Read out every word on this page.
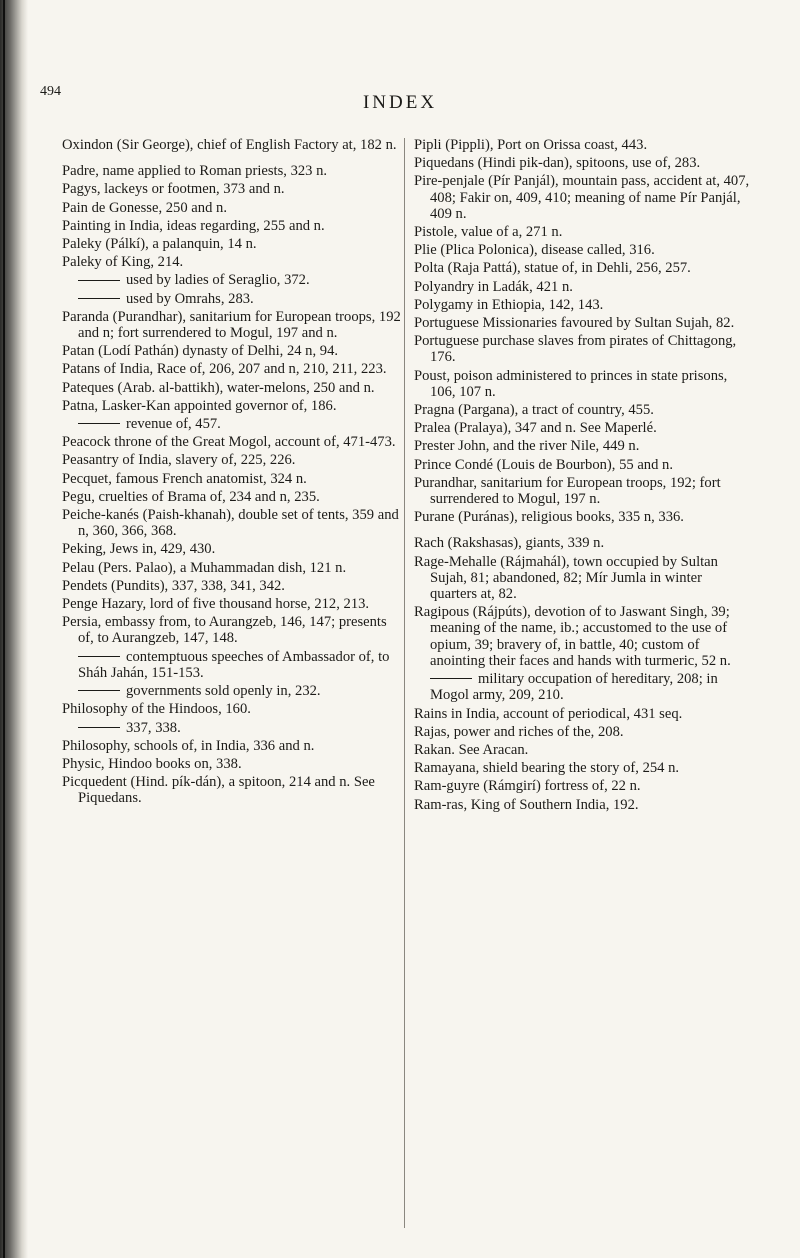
494
INDEX
Oxindon (Sir George), chief of English Factory at, 182 n.
Padre, name applied to Roman priests, 323 n.
Pagys, lackeys or footmen, 373 and n.
Pain de Gonesse, 250 and n.
Painting in India, ideas regarding, 255 and n.
Paleky (Pálkí), a palanquin, 14 n.
Paleky of King, 214.
used by ladies of Seraglio, 372.
used by Omrahs, 283.
Paranda (Purandhar), sanitarium for European troops, 192 and n; fort surrendered to Mogul, 197 and n.
Patan (Lodí Pathán) dynasty of Delhi, 24 n, 94.
Patans of India, Race of, 206, 207 and n, 210, 211, 223.
Pateques (Arab. al-battikh), water-melons, 250 and n.
Patna, Lasker-Kan appointed governor of, 186.
revenue of, 457.
Peacock throne of the Great Mogol, account of, 471-473.
Peasantry of India, slavery of, 225, 226.
Pecquet, famous French anatomist, 324 n.
Pegu, cruelties of Brama of, 234 and n, 235.
Peiche-kanés (Paish-khanah), double set of tents, 359 and n, 360, 366, 368.
Peking, Jews in, 429, 430.
Pelau (Pers. Palao), a Muhammadan dish, 121 n.
Pendets (Pundits), 337, 338, 341, 342.
Penge Hazary, lord of five thousand horse, 212, 213.
Persia, embassy from, to Aurangzeb, 146, 147; presents of, to Aurangzeb, 147, 148.
contemptuous speeches of Ambassador of, to Sháh Jahán, 151-153.
governments sold openly in, 232.
Philosophy of the Hindoos, 160.
337, 338.
Philosophy, schools of, in India, 336 and n.
Physic, Hindoo books on, 338.
Picquedent (Hind. pík-dán), a spitoon, 214 and n. See Piquedans.
Pipli (Pippli), Port on Orissa coast, 443.
Piquedans (Hindi pik-dan), spitoons, use of, 283.
Pire-penjale (Pír Panjál), mountain pass, accident at, 407, 408; Fakir on, 409, 410; meaning of name Pír Panjál, 409 n.
Pistole, value of a, 271 n.
Plie (Plica Polonica), disease called, 316.
Polta (Raja Pattá), statue of, in Dehli, 256, 257.
Polyandry in Ladák, 421 n.
Polygamy in Ethiopia, 142, 143.
Portuguese Missionaries favoured by Sultan Sujah, 82.
Portuguese purchase slaves from pirates of Chittagong, 176.
Poust, poison administered to princes in state prisons, 106, 107 n.
Pragna (Pargana), a tract of country, 455.
Pralea (Pralaya), 347 and n. See Maperlé.
Prester John, and the river Nile, 449 n.
Prince Condé (Louis de Bourbon), 55 and n.
Purandhar, sanitarium for European troops, 192; fort surrendered to Mogul, 197 n.
Purane (Puránas), religious books, 335 n, 336.
Rach (Rakshasas), giants, 339 n.
Rage-Mehalle (Rájmahál), town occupied by Sultan Sujah, 81; abandoned, 82; Mír Jumla in winter quarters at, 82.
Ragipous (Rájpúts), devotion of to Jaswant Singh, 39; meaning of the name, ib.; accustomed to the use of opium, 39; bravery of, in battle, 40; custom of anointing their faces and hands with turmeric, 52 n.
military occupation of hereditary, 208; in Mogol army, 209, 210.
Rains in India, account of periodical, 431 seq.
Rajas, power and riches of the, 208.
Rakan. See Aracan.
Ramayana, shield bearing the story of, 254 n.
Ram-guyre (Rámgirí) fortress of, 22 n.
Ram-ras, King of Southern India, 192.
